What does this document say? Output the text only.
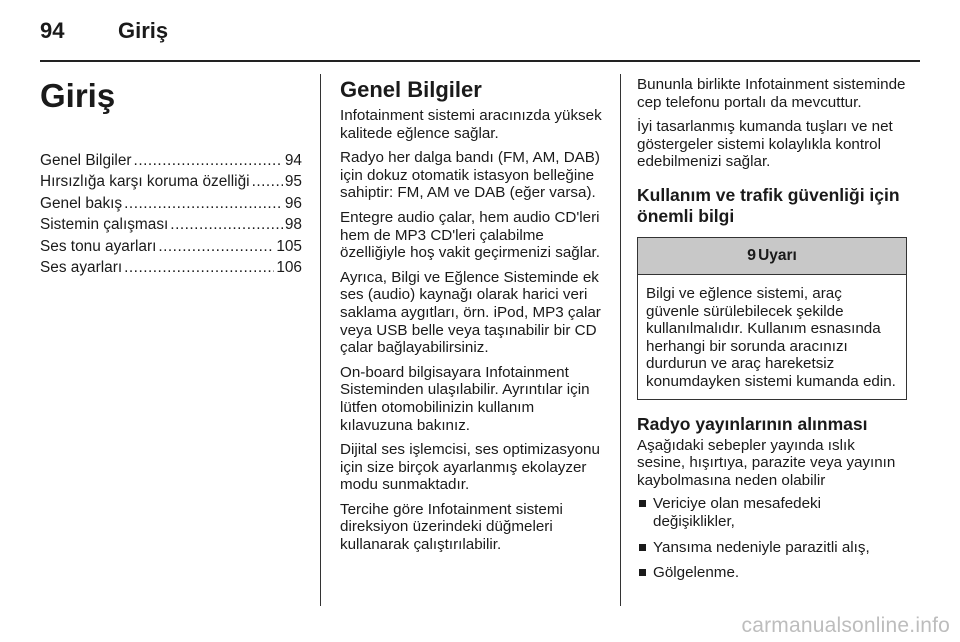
94 Giriş
Giriş
Genel Bilgiler .....	94
Hırsızlığa karşı koruma özelliği ..... 95
Genel bakış .....	96
Sistemin çalışması .....	98
Ses tonu ayarları .....	105
Ses ayarları .....	106
Genel Bilgiler

Infotainment sistemi aracınızda yüksek kalitede eğlence sağlar.

Radyo her dalga bandı (FM, AM, DAB) için dokuz otomatik istasyon belleğine sahiptir: FM, AM ve DAB (eğer varsa).

Entegre audio çalar, hem audio CD'leri hem de MP3 CD'leri çalabilme özelliğiyle hoş vakit geçirmenizi sağlar.

Ayrıca, Bilgi ve Eğlence Sisteminde ek ses (audio) kaynağı olarak harici veri saklama aygıtları, örn. iPod, MP3 çalar veya USB belle veya taşınabilir bir CD çalar bağlayabilirsiniz.

On-board bilgisayara Infotainment Sisteminden ulaşılabilir. Ayrıntılar için lütfen otomobilinizin kullanım kılavuzuna bakınız.

Dijital ses işlemcisi, ses optimizasyonu için size birçok ayarlanmış ekolayzer modu sunmaktadır.

Tercihe göre Infotainment sistemi direksiyon üzerindeki düğmeleri kullanarak çalıştırılabilir.

Bununla birlikte Infotainment sisteminde cep telefonu portalı da mevcuttur.

İyi tasarlanmış kumanda tuşları ve net göstergeler sistemi kolaylıkla kontrol edebilmenizi sağlar.

Kullanım ve trafik güvenliği için önemli bilgi
9 Uyarı
Bilgi ve eğlence sistemi, araç güvenle sürülebilecek şekilde kullanılmalıdır. Kullanım esnasında herhangi bir sorunda aracınızı durdurun ve araç hareketsiz konumdayken sistemi kumanda edin.
Radyo yayınlarının alınması

Aşağıdaki sebepler yayında ıslık sesine, hışırtıya, parazite veya yayının kaybolmasına neden olabilir

Vericiye olan mesafedeki değişiklikler,
Yansıma nedeniyle parazitli alış,
Gölgelenme.
carmanualsonline.info
